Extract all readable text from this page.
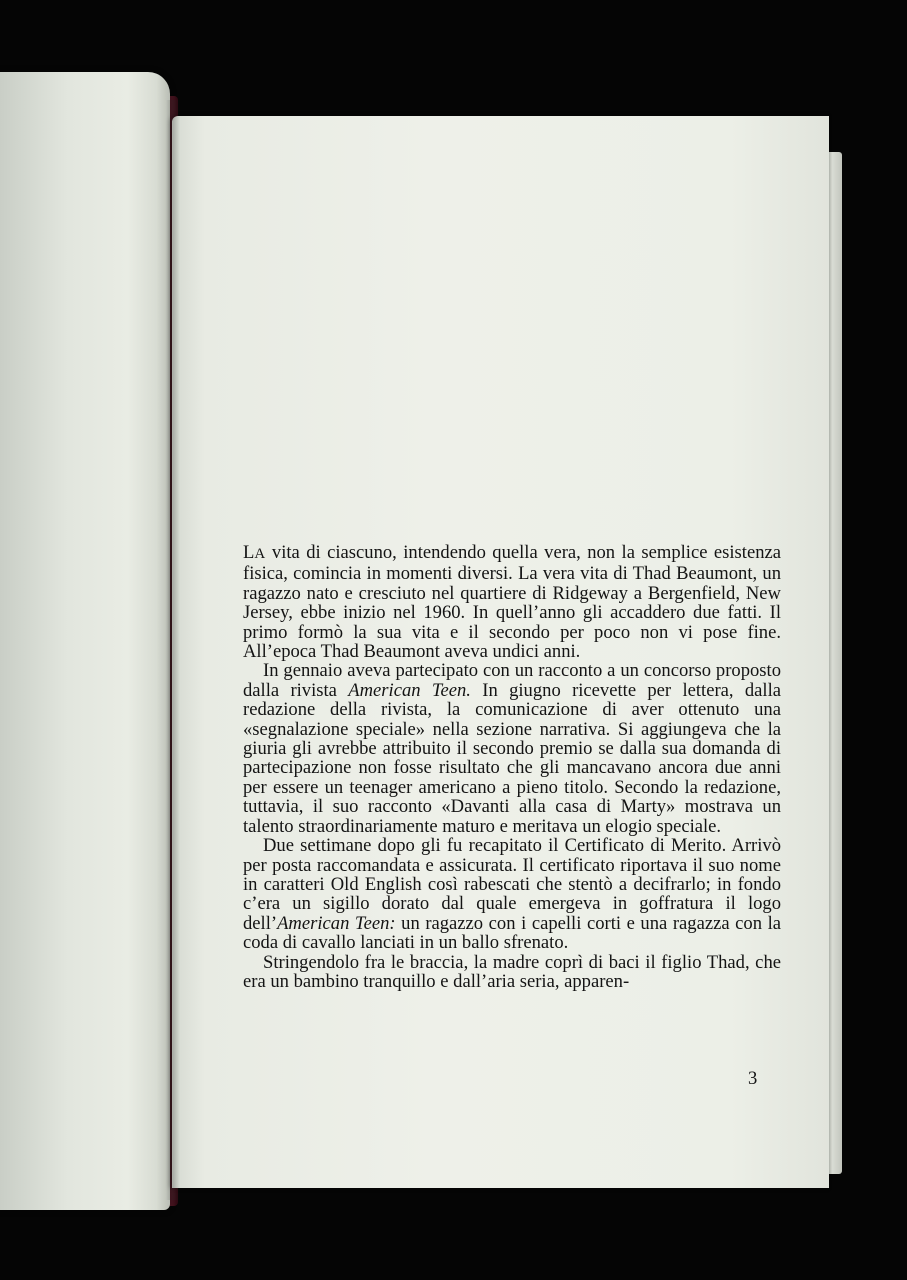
LA vita di ciascuno, intendendo quella vera, non la semplice esistenza fisica, comincia in momenti diversi. La vera vita di Thad Beaumont, un ragazzo nato e cresciuto nel quartiere di Ridgeway a Bergenfield, New Jersey, ebbe inizio nel 1960. In quell’anno gli accaddero due fatti. Il primo formò la sua vita e il secondo per poco non vi pose fine. All’epoca Thad Beaumont aveva undici anni.

In gennaio aveva partecipato con un racconto a un concorso proposto dalla rivista American Teen. In giugno ricevette per lettera, dalla redazione della rivista, la comunicazione di aver ottenuto una «segnalazione speciale» nella sezione narrativa. Si aggiungeva che la giuria gli avrebbe attribuito il secondo premio se dalla sua domanda di partecipazione non fosse risultato che gli mancavano ancora due anni per essere un teenager americano a pieno titolo. Secondo la redazione, tuttavia, il suo racconto «Davanti alla casa di Marty» mostrava un talento straordinariamente maturo e meritava un elogio speciale.

Due settimane dopo gli fu recapitato il Certificato di Merito. Arrivò per posta raccomandata e assicurata. Il certificato riportava il suo nome in caratteri Old English così rabescati che stentò a decifrarlo; in fondo c’era un sigillo dorato dal quale emergeva in goffratura il logo dell’American Teen: un ragazzo con i capelli corti e una ragazza con la coda di cavallo lanciati in un ballo sfrenato.

Stringendolo fra le braccia, la madre coprì di baci il figlio Thad, che era un bambino tranquillo e dall’aria seria, apparen-

3
